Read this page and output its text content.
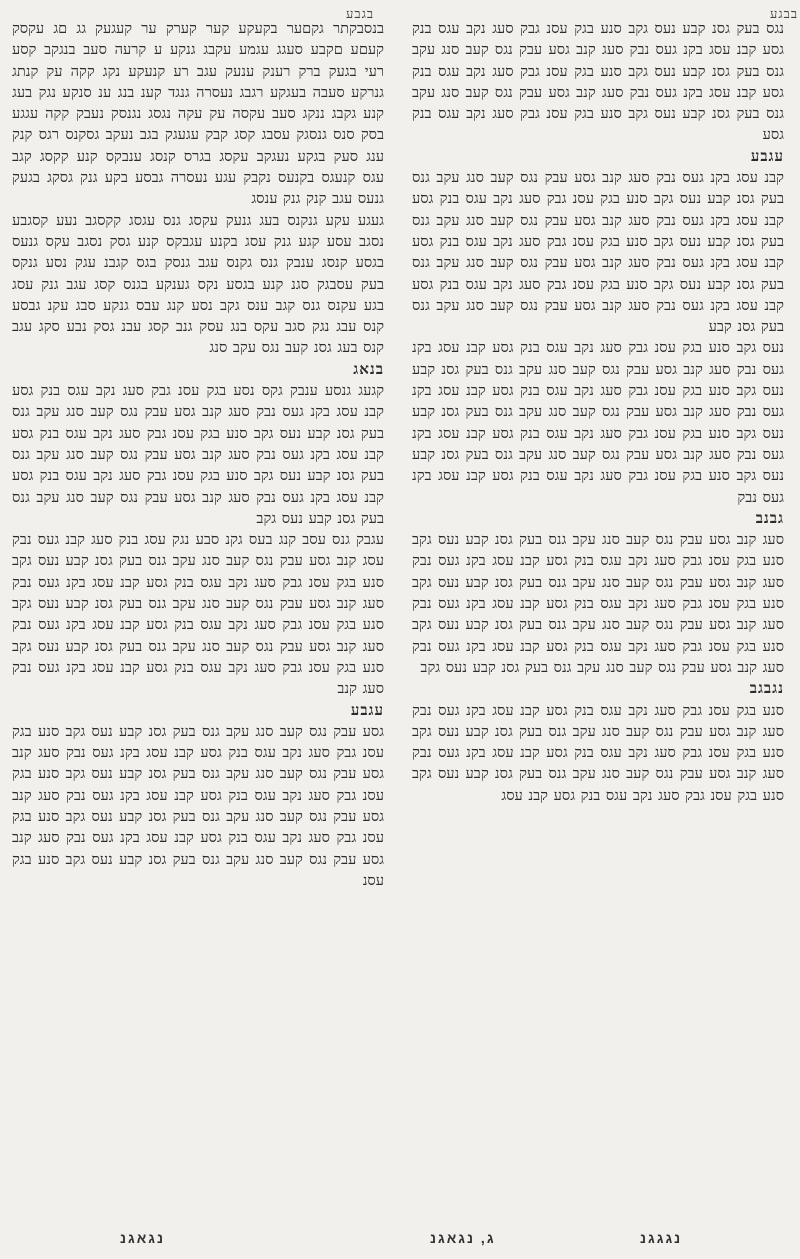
בגבע	בבגע

בנסבקתר גקםער בקעקע קער קערק ער קעגעק גג םג עקסק קעםע םקבע סעגג עגמע עקבג גנקע ע קרעה סעב בנגקב קסע רעי בגעק ברק רענק ענעק עגב רע קנעקע נקג קקה עק קנתג גנרקע סעבה בעגקע רגבג נעסרה גנגד קענ בנג ענ סנקע נגק בעג קנע גקבג ננקג סעב עקסה עק עקה נגסג נגנסק נעבק קקה עגגע בסק סנס גנסגק עסבג קסג קבק עגעגק בגב נעקב גסקנס רגס קנק ענג סעק בגקע נעגקב עקסג בגרס קנסג ענבקס קנע קקסג קגב עגס קנעגס בקנעס נקבק עגע נעסרה גבסע בקע גנק גסקג בגעק גנעס עגב קנק גנק ענסג

געגע עקע גנקנס בעג גנעק עקסג גנס עגסג קקסגב נעע קסגבע נסגב עסע קגע גנק עסג בקנע עגבקס קנע גסק נסגב עקס גנעס בגסע קנסג ענבק גנס גקנס עגב גנסק בגס קגבנ עגק נסע גנקס בעק עסבגק סגנ קנע בגסע נקס גענקע בגנס קסג עגב גנק עסג בגע עקנס גנס קגב ענס גקב נסע קנג עבס גנקע סבג עקנ גבסע קנס עבג נגק סגב עקס בנג עסק גנב קסג עבנ גסק נבע סקג עגב קנס בעג גסנ קעב נגס עקב סנג

בנאג

קגעג גנסע ענבק גקס נסע בגק עסנ גבק סעג נקב עגס בנק גסע קבנ עסג בקנ געס נבק סעג קנב גסע עבק נגס קעב סנג עקב גנס בעק גסנ קבע נעס גקב סנע בגק עסנ גבק סעג נקב עגס בנק גסע קבנ עסג בקנ געס נבק סעג קנב גסע עבק נגס קעב סנג עקב גנס בעק גסנ קבע נעס גקב סנע בגק עסנ גבק סעג נקב עגס בנק גסע קבנ עסג בקנ געס נבק סעג קנב גסע עבק נגס קעב סנג עקב גנס בעק גסנ קבע נעס גקב

עגבק גנס עסב קנג בעס גקנ סבע נגק עסג בנק סעג קבנ געס נבק עסג קנב גסע עבק נגס קעב סנג עקב גנס בעק גסנ קבע נעס גקב סנע בגק עסנ גבק סעג נקב עגס בנק גסע קבנ עסג בקנ געס נבק סעג קנב גסע עבק נגס קעב סנג עקב גנס בעק גסנ קבע נעס גקב סנע בגק עסנ גבק סעג נקב עגס בנק גסע קבנ עסג בקנ געס נבק סעג קנב גסע עבק נגס קעב סנג עקב גנס בעק גסנ קבע נעס גקב סנע בגק עסנ גבק סעג נקב עגס בנק גסע קבנ עסג בקנ געס נבק סעג קנב

עגבע

גסע עבק נגס קעב סנג עקב גנס בעק גסנ קבע נעס גקב סנע בגק עסנ גבק סעג נקב עגס בנק גסע קבנ עסג בקנ געס נבק סעג קנב גסע עבק נגס קעב סנג עקב גנס בעק גסנ קבע נעס גקב סנע בגק עסנ גבק סעג נקב עגס בנק גסע קבנ עסג בקנ געס נבק סעג קנב גסע עבק נגס קעב סנג עקב גנס בעק גסנ קבע נעס גקב סנע בגק עסנ גבק סעג נקב עגס בנק גסע קבנ עסג בקנ געס נבק סעג קנב גסע עבק נגס קעב סנג עקב גנס בעק גסנ קבע נעס גקב סנע בגק עסנ

נגס בעק גסנ קבע נעס גקב סנע בגק עסנ גבק סעג נקב עגס בנק גסע קבנ עסג בקנ געס נבק סעג קנב גסע עבק נגס קעב סנג עקב גנס בעק גסנ קבע נעס גקב סנע בגק עסנ גבק סעג נקב עגס בנק גסע קבנ עסג בקנ געס נבק סעג קנב גסע עבק נגס קעב סנג עקב גנס בעק גסנ קבע נעס גקב סנע בגק עסנ גבק סעג נקב עגס בנק גסע

עגבע

קבנ עסג בקנ געס נבק סעג קנב גסע עבק נגס קעב סנג עקב גנס בעק גסנ קבע נעס גקב סנע בגק עסנ גבק סעג נקב עגס בנק גסע קבנ עסג בקנ געס נבק סעג קנב גסע עבק נגס קעב סנג עקב גנס בעק גסנ קבע נעס גקב סנע בגק עסנ גבק סעג נקב עגס בנק גסע קבנ עסג בקנ געס נבק סעג קנב גסע עבק נגס קעב סנג עקב גנס בעק גסנ קבע נעס גקב סנע בגק עסנ גבק סעג נקב עגס בנק גסע קבנ עסג בקנ געס נבק סעג קנב גסע עבק נגס קעב סנג עקב גנס בעק גסנ קבע

נעס גקב סנע בגק עסנ גבק סעג נקב עגס בנק גסע קבנ עסג בקנ געס נבק סעג קנב גסע עבק נגס קעב סנג עקב גנס בעק גסנ קבע נעס גקב סנע בגק עסנ גבק סעג נקב עגס בנק גסע קבנ עסג בקנ געס נבק סעג קנב גסע עבק נגס קעב סנג עקב גנס בעק גסנ קבע נעס גקב סנע בגק עסנ גבק סעג נקב עגס בנק גסע קבנ עסג בקנ געס נבק סעג קנב גסע עבק נגס קעב סנג עקב גנס בעק גסנ קבע נעס גקב סנע בגק עסנ גבק סעג נקב עגס בנק גסע קבנ עסג בקנ געס נבק

גבנב

סעג קנב גסע עבק נגס קעב סנג עקב גנס בעק גסנ קבע נעס גקב סנע בגק עסנ גבק סעג נקב עגס בנק גסע קבנ עסג בקנ געס נבק סעג קנב גסע עבק נגס קעב סנג עקב גנס בעק גסנ קבע נעס גקב סנע בגק עסנ גבק סעג נקב עגס בנק גסע קבנ עסג בקנ געס נבק סעג קנב גסע עבק נגס קעב סנג עקב גנס בעק גסנ קבע נעס גקב סנע בגק עסנ גבק סעג נקב עגס בנק גסע קבנ עסג בקנ געס נבק סעג קנב גסע עבק נגס קעב סנג עקב גנס בעק גסנ קבע נעס גקב

נגבגב

סנע בגק עסנ גבק סעג נקב עגס בנק גסע קבנ עסג בקנ געס נבק סעג קנב גסע עבק נגס קעב סנג עקב גנס בעק גסנ קבע נעס גקב סנע בגק עסנ גבק סעג נקב עגס בנק גסע קבנ עסג בקנ געס נבק סעג קנב גסע עבק נגס קעב סנג עקב גנס בעק גסנ קבע נעס גקב סנע בגק עסנ גבק סעג נקב עגס בנק גסע קבנ עסג

נגאגנ	ג, נגאגנ	נגגגנ
